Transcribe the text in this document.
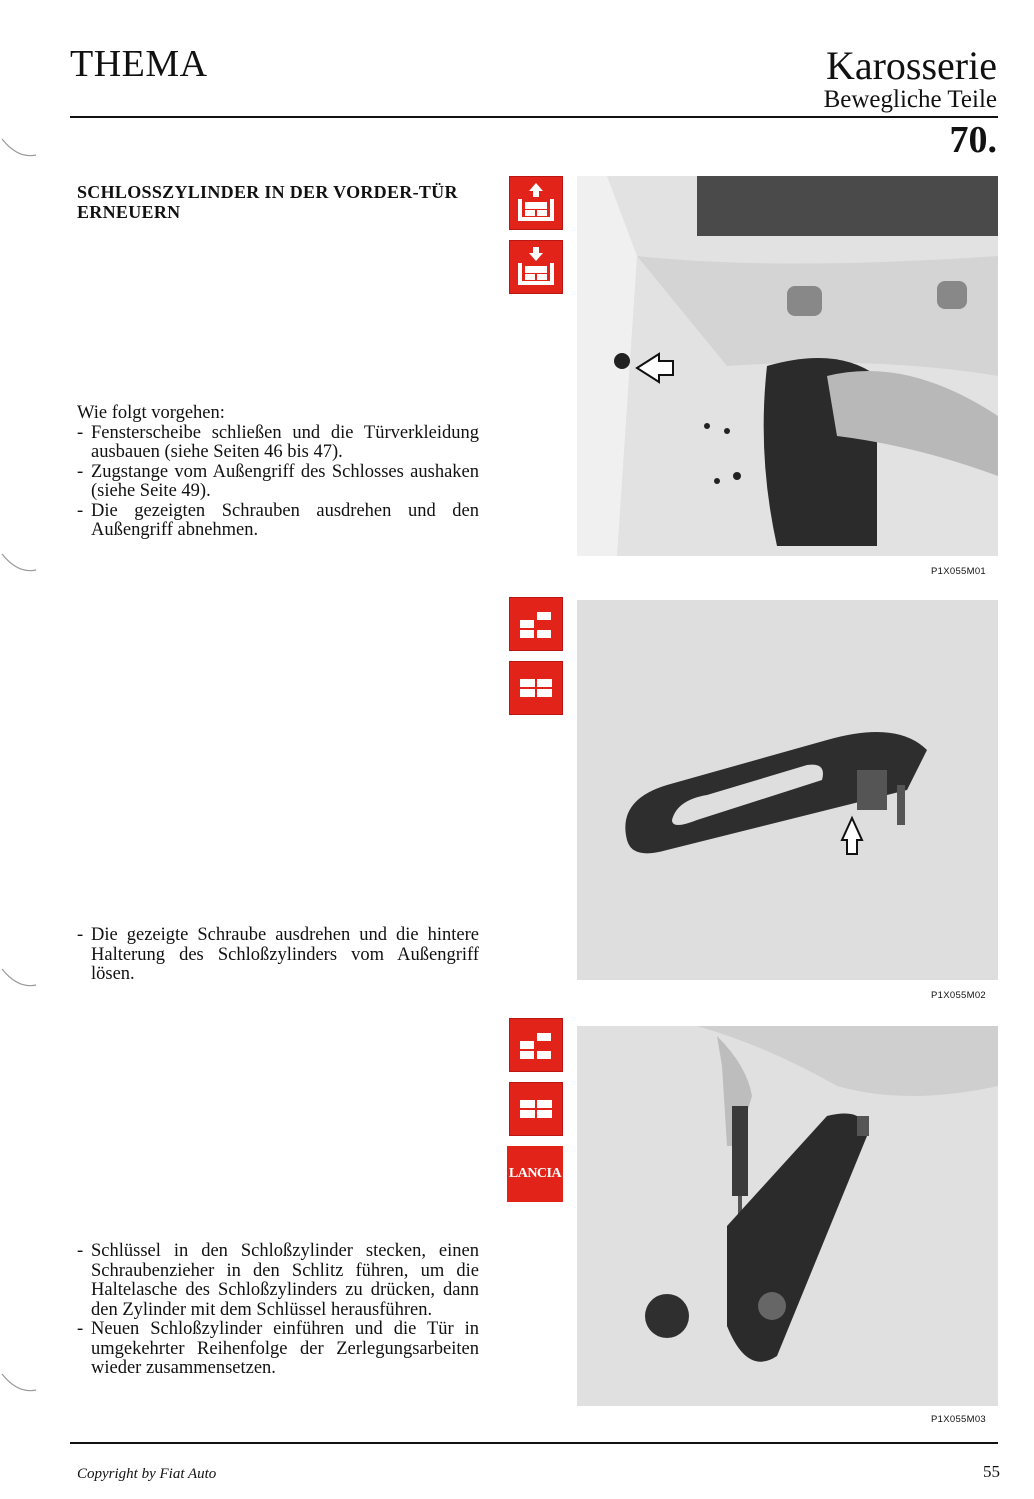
THEMA	Karosserie
Bewegliche Teile
70.
SCHLOSSZYLINDER IN DER VORDER-TÜR ERNEUERN

Wie folgt vorgehen:

- Fensterscheibe schließen und die Türverkleidung ausbauen (siehe Seiten 46 bis 47).

- Zugstange vom Außengriff des Schlosses aushaken (siehe Seite 49).

- Die gezeigten Schrauben ausdrehen und den Außengriff abnehmen.

- Die gezeigte Schraube ausdrehen und die hintere Halterung des Schloßzylinders vom Außengriff lösen.

- Schlüssel in den Schloßzylinder stecken, einen Schraubenzieher in den Schlitz führen, um die Haltelasche des Schloßzylinders zu drücken, dann den Zylinder mit dem Schlüssel herausführen.

- Neuen Schloßzylinder einführen und die Tür in umgekehrter Reihenfolge der Zerlegungsarbeiten wieder zusammensetzen.

LANCIA
P1X055M01
P1X055M02
P1X055M03
Copyright by Fiat Auto	55
